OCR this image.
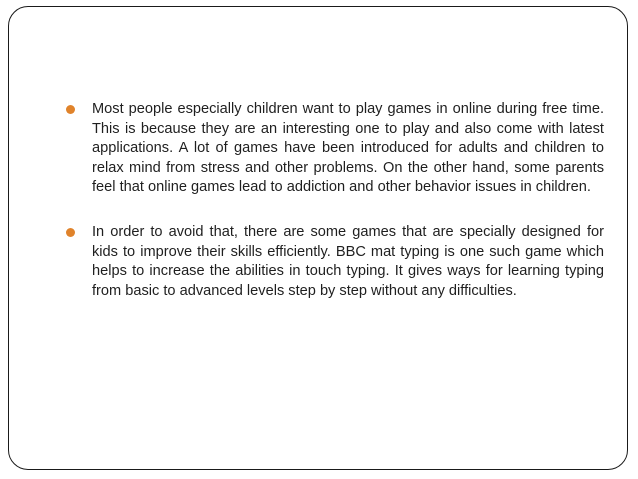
Most people especially children want to play games in online during free time. This is because they are an interesting one to play and also come with latest applications. A lot of games have been introduced for adults and children to relax mind from stress and other problems. On the other hand, some parents feel that online games lead to addiction and other behavior issues in children.
In order to avoid that, there are some games that are specially designed for kids to improve their skills efficiently. BBC mat typing is one such game which helps to increase the abilities in touch typing. It gives ways for learning typing from basic to advanced levels step by step without any difficulties.
